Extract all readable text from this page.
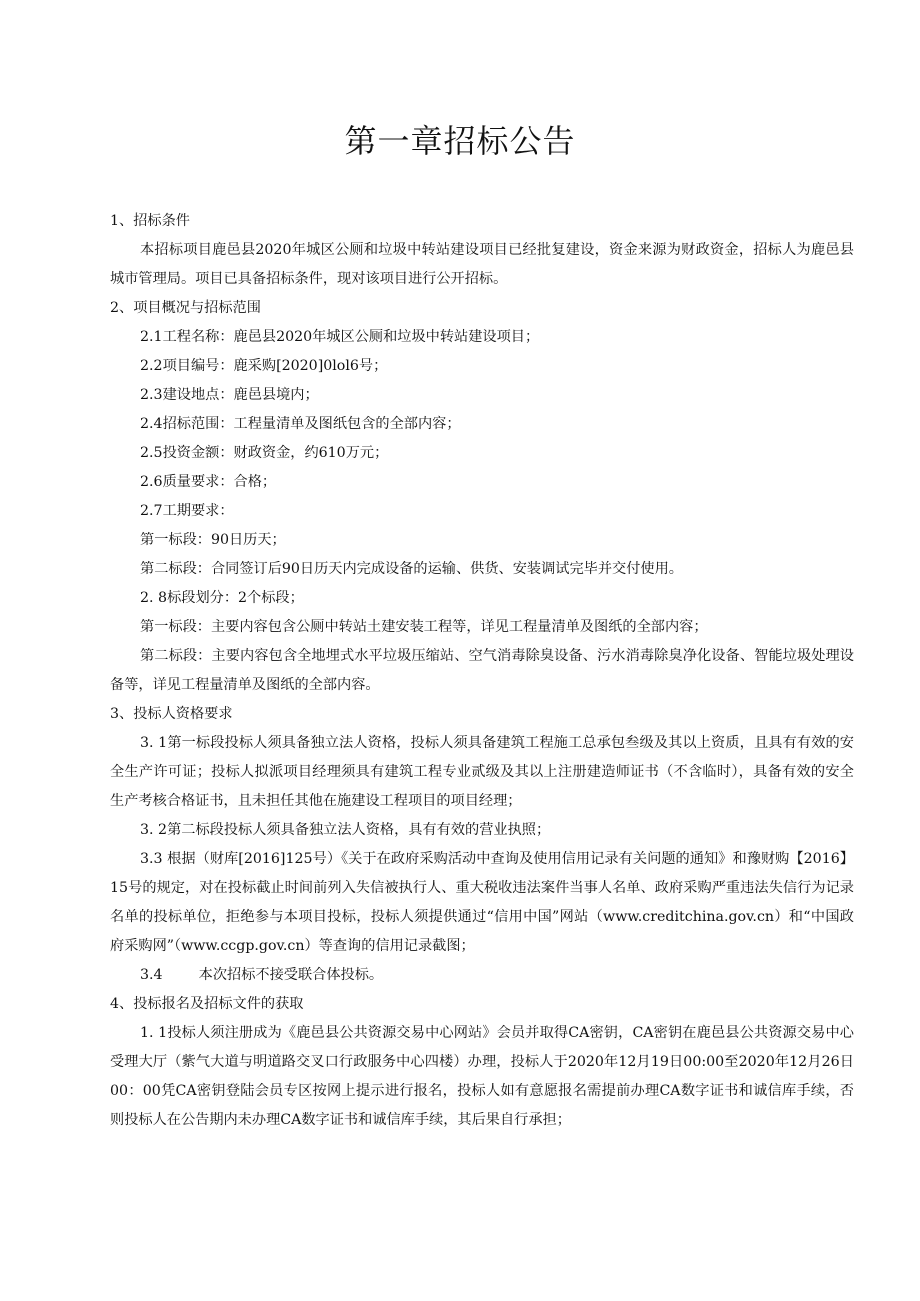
第一章招标公告

1、招标条件

本招标项目鹿邑县2020年城区公厕和垃圾中转站建设项目已经批复建设，资金来源为财政资金，招标人为鹿邑县城市管理局。项目已具备招标条件，现对该项目进行公开招标。

2、项目概况与招标范围

2.1工程名称：鹿邑县2020年城区公厕和垃圾中转站建设项目；

2.2项目编号：鹿采购[2020]0lol6号；

2.3建设地点：鹿邑县境内；

2.4招标范围：工程量清单及图纸包含的全部内容；

2.5投资金额：财政资金，约610万元；

2.6质量要求：合格；

2.7工期要求：

第一标段：90日历天；

第二标段：合同签订后90日历天内完成设备的运输、供货、安装调试完毕并交付使用。

2. 8标段划分：2个标段；

第一标段：主要内容包含公厕中转站土建安装工程等，详见工程量清单及图纸的全部内容；

第二标段：主要内容包含全地埋式水平垃圾压缩站、空气消毒除臭设备、污水消毒除臭净化设备、智能垃圾处理设备等，详见工程量清单及图纸的全部内容。

3、投标人资格要求

3. 1第一标段投标人须具备独立法人资格，投标人须具备建筑工程施工总承包叁级及其以上资质，且具有有效的安全生产许可证；投标人拟派项目经理须具有建筑工程专业贰级及其以上注册建造师证书（不含临时），具备有效的安全生产考核合格证书，且未担任其他在施建设工程项目的项目经理；

3. 2第二标段投标人须具备独立法人资格，具有有效的营业执照；

3.3 根据（财库[2016]125号）《关于在政府采购活动中查询及使用信用记录有关问题的通知》和豫财购【2016】15号的规定，对在投标截止时间前列入失信被执行人、重大税收违法案件当事人名单、政府采购严重违法失信行为记录名单的投标单位，拒绝参与本项目投标，投标人须提供通过“信用中国”网站（www.creditchina.gov.cn）和“中国政府采购网”（www.ccgp.gov.cn）等查询的信用记录截图；

3.4        本次招标不接受联合体投标。

4、投标报名及招标文件的获取

1. 1投标人须注册成为《鹿邑县公共资源交易中心网站》会员并取得CA密钥，CA密钥在鹿邑县公共资源交易中心受理大厅（紫气大道与明道路交叉口行政服务中心四楼）办理，投标人于2020年12月19日00:00至2020年12月26日00：00凭CA密钥登陆会员专区按网上提示进行报名，投标人如有意愿报名需提前办理CA数字证书和诚信库手续，否则投标人在公告期内未办理CA数字证书和诚信库手续，其后果自行承担；
